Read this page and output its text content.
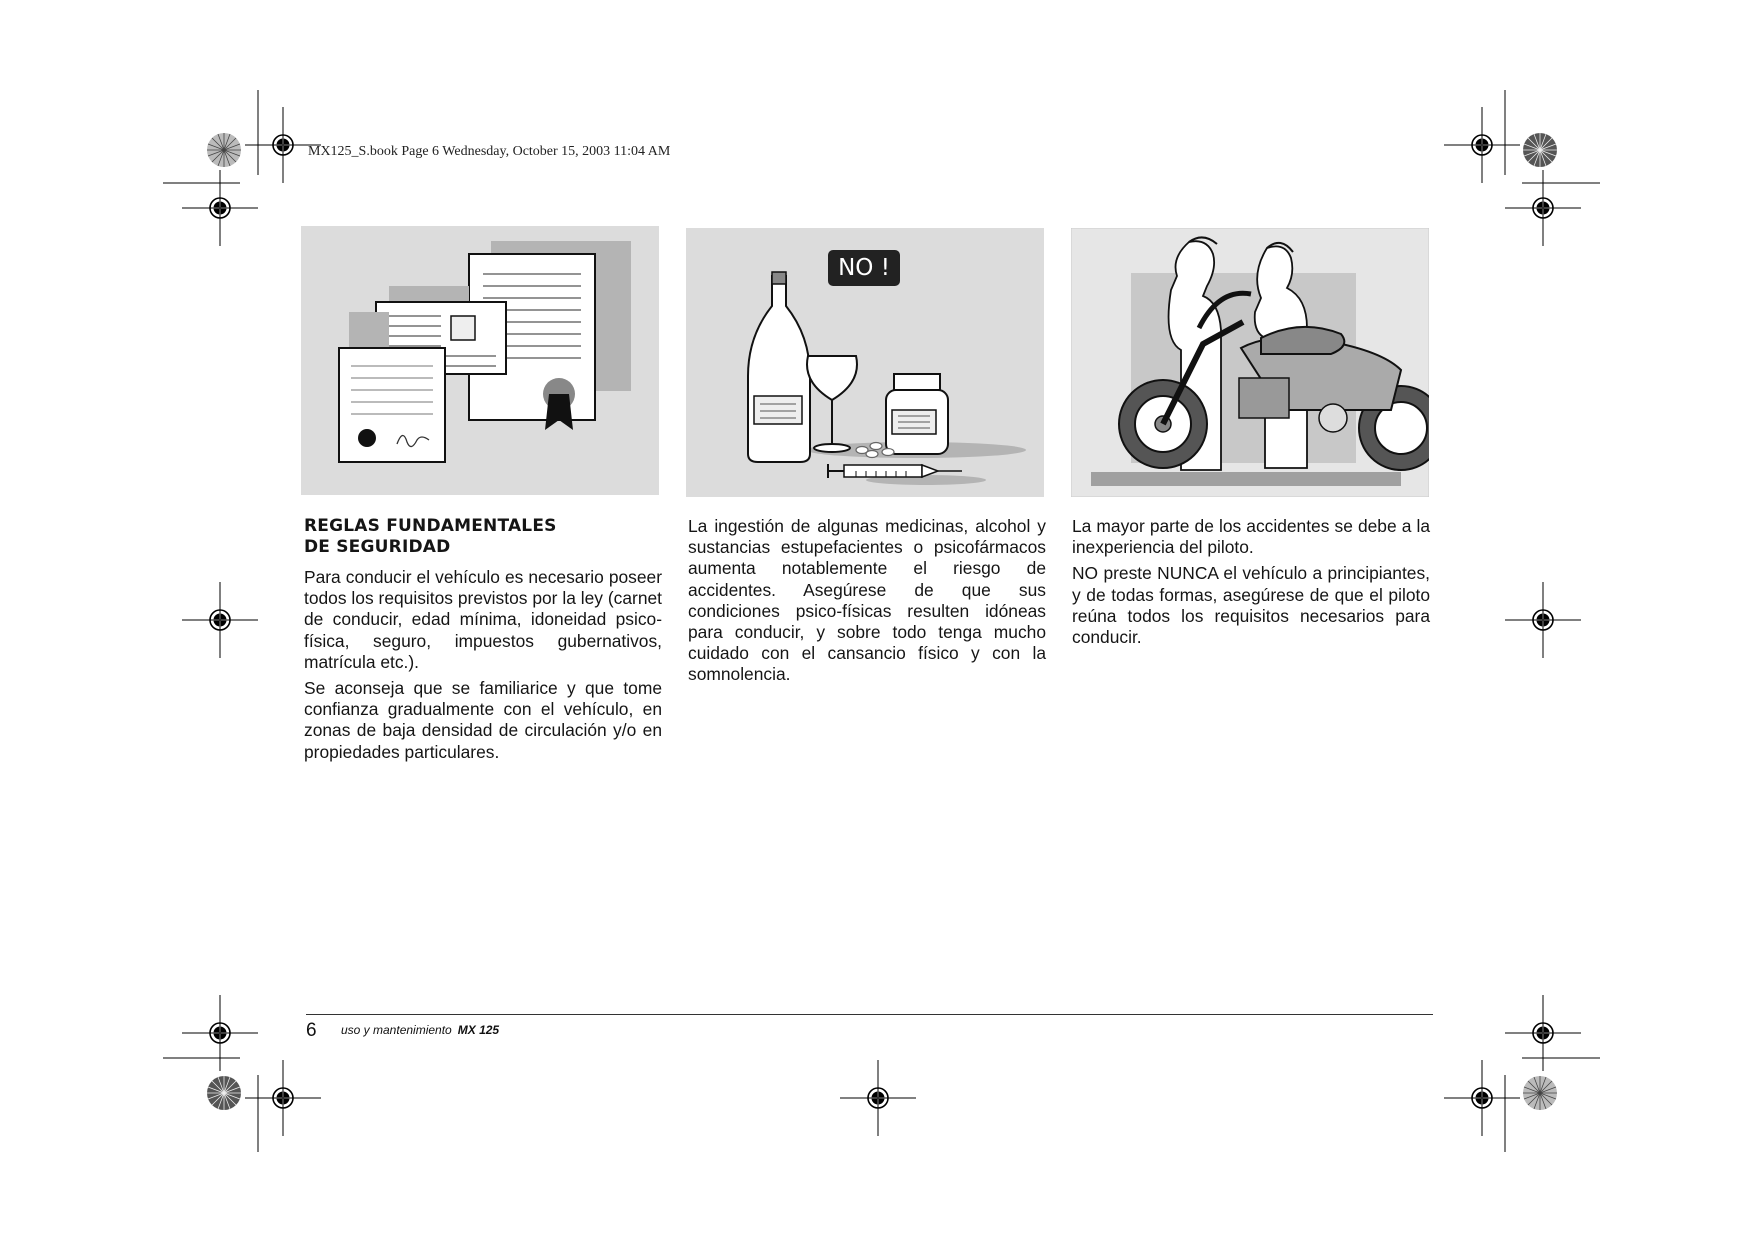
MX125_S.book Page 6 Wednesday, October 15, 2003 11:04 AM
NO !
REGLAS FUNDAMENTALES
DE SEGURIDAD

Para conducir el vehículo es necesario poseer todos los requisitos previstos por la ley (carnet de conducir, edad mínima, idoneidad psico-física, seguro, impuestos gubernativos, matrícula etc.).

Se aconseja que se familiarice y que tome confianza gradualmente con el vehículo, en zonas de baja densidad de circulación y/o en propiedades particulares.

La ingestión de algunas medicinas, alcohol y sustancias estupefacientes o psicofármacos aumenta notablemente el riesgo de accidentes. Asegúrese de que sus condiciones psico-físicas resulten idóneas para conducir, y sobre todo tenga mucho cuidado con el cansancio físico y con la somnolencia.

La mayor parte de los accidentes se debe a la inexperiencia del piloto.

NO preste NUNCA el vehículo a principiantes, y de todas formas, asegúrese de que el piloto reúna todos los requisitos necesarios para conducir.

6 uso y mantenimiento MX 125
